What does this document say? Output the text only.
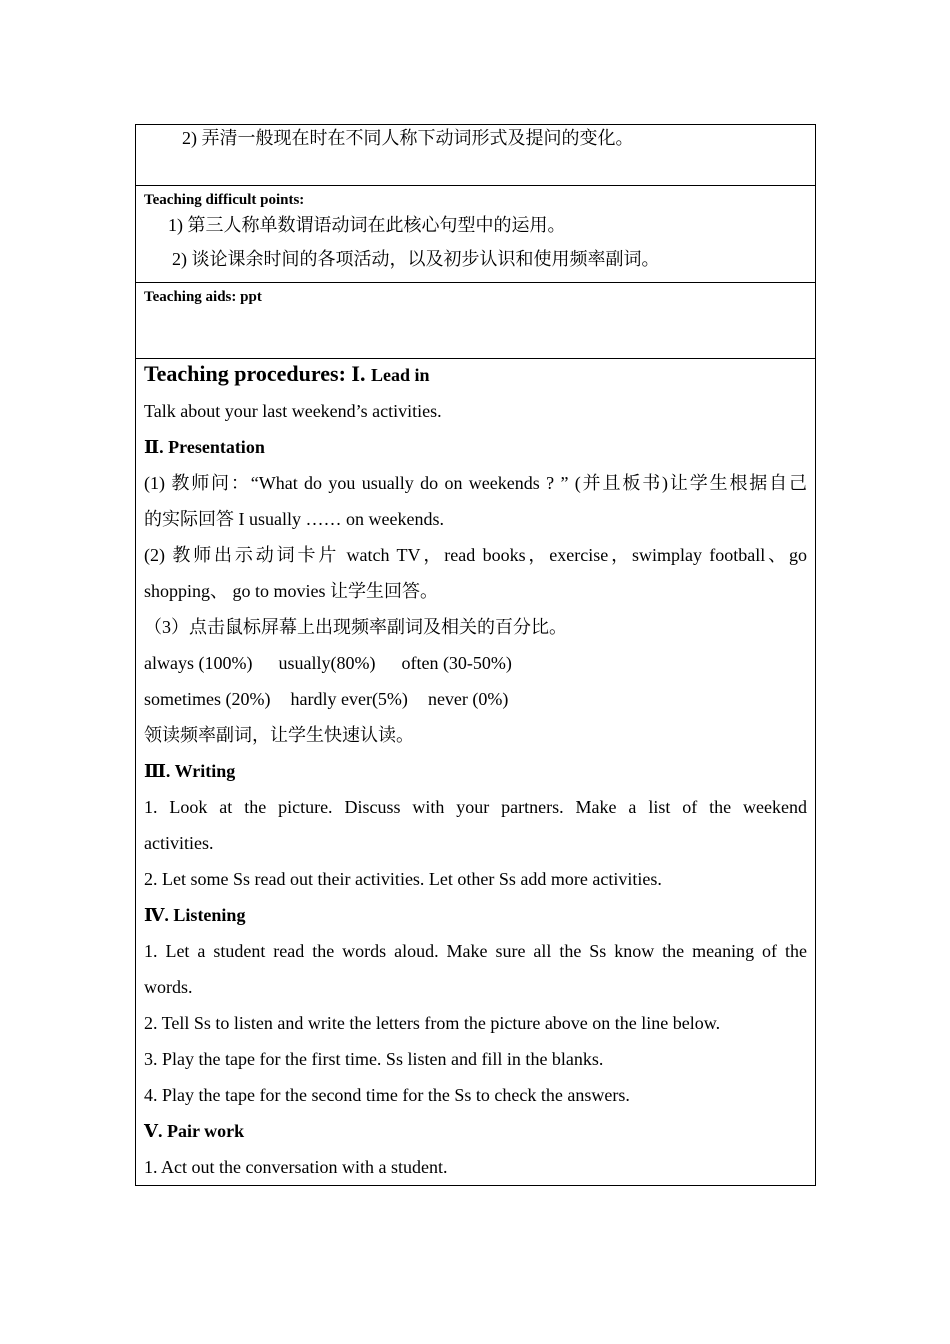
2) 弄清一般现在时在不同人称下动词形式及提问的变化。

Teaching difficult points:
1) 第三人称单数谓语动词在此核心句型中的运用。
2) 谈论课余时间的各项活动，以及初步认识和使用频率副词。

Teaching aids: ppt

Teaching procedures: I. Lead in
Talk about your last weekend’s activities.
Ⅱ. Presentation
(1) 教师问：“What do you usually do on weekends ? ” (并且板书)让学生根据自己
的实际回答 I usually …… on weekends.
(2) 教师出示动词卡片 watch TV，read books，exercise，swimplay football、go
shopping、 go to movies 让学生回答。
（3）点击鼠标屏幕上出现频率副词及相关的百分比。
always (100%) usually(80%) often (30-50%)
sometimes (20%) hardly ever(5%) never (0%)
领读频率副词，让学生快速认读。
Ⅲ. Writing
1. Look at the picture. Discuss with your partners. Make a list of the weekend
activities.
2. Let some Ss read out their activities. Let other Ss add more activities.
Ⅳ. Listening
1. Let a student read the words aloud. Make sure all the Ss know the meaning of the
words.
2. Tell Ss to listen and write the letters from the picture above on the line below.
3. Play the tape for the first time. Ss listen and fill in the blanks.
4. Play the tape for the second time for the Ss to check the answers.
Ⅴ. Pair work
1. Act out the conversation with a student.
